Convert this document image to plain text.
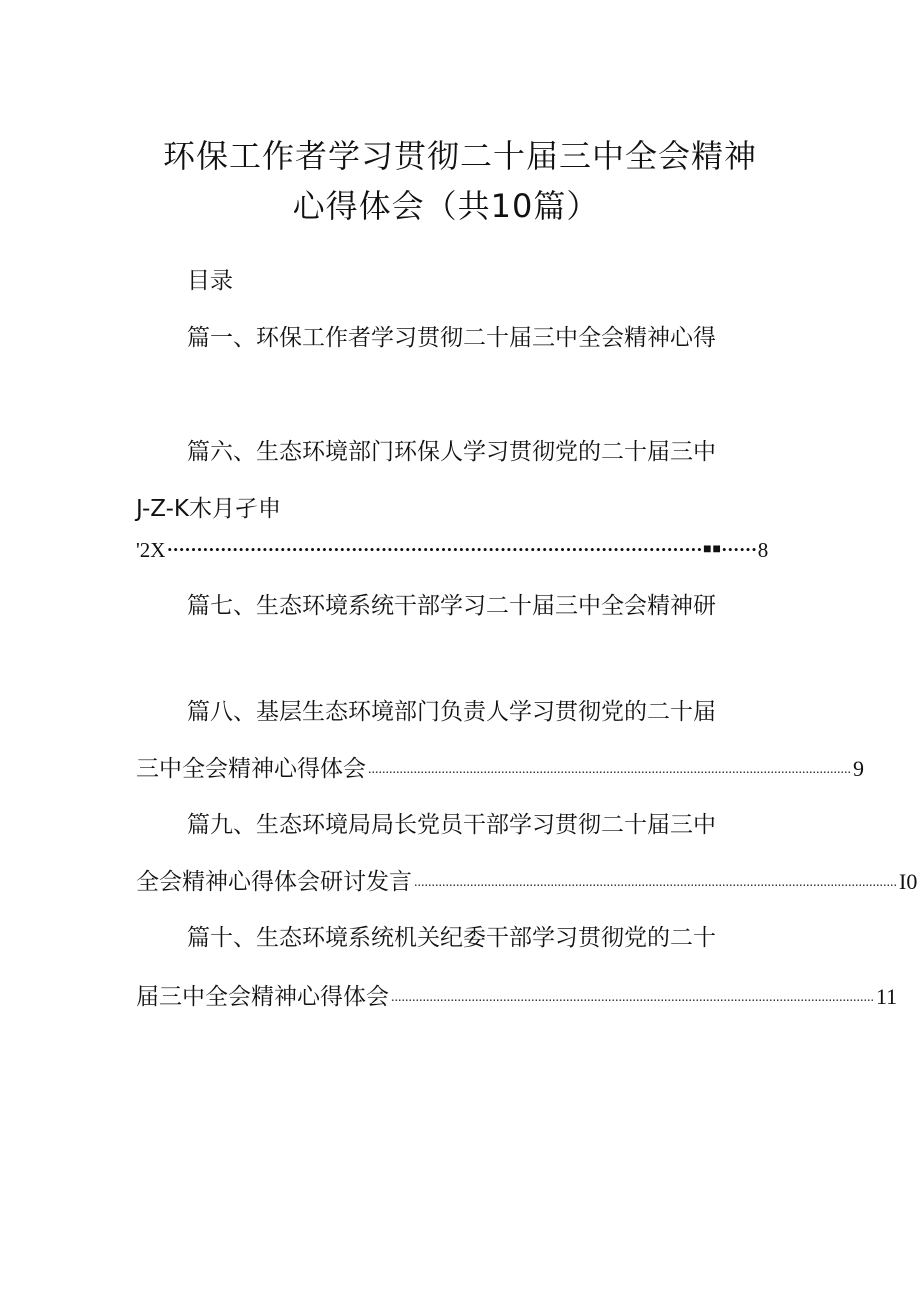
环保工作者学习贯彻二十届三中全会精神
心得体会（共10篇）
目录
篇一、环保工作者学习贯彻二十届三中全会精神心得
篇六、生态环境部门环保人学习贯彻党的二十届三中
J-Z-K木月孑申
'2X •••••••••••••••••••••••••••••••••••••••••••••••••••••••••••••••••••••••••••••••••••••••••• ■■ •••••• 8
篇七、生态环境系统干部学习二十届三中全会精神研
篇八、基层生态环境部门负责人学习贯彻党的二十届
三中全会精神心得体会 .......................................................................................................................................... 9
篇九、生态环境局局长党员干部学习贯彻二十届三中
全会精神心得体会研讨发言 .......................................................................................................................................... I0
篇十、生态环境系统机关纪委干部学习贯彻党的二十
届三中全会精神心得体会 .......................................................................................................................................... 11
